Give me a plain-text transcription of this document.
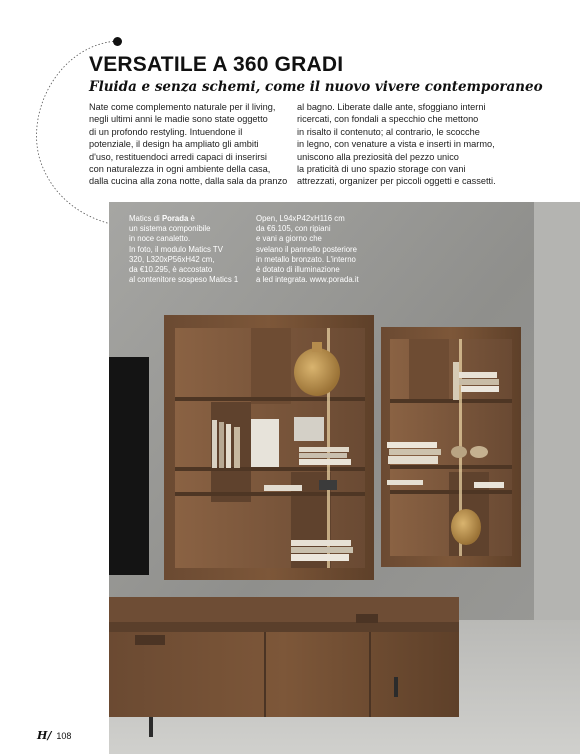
VERSATILE A 360 GRADI
Fluida e senza schemi, come il nuovo vivere contemporaneo

Nate come complemento naturale per il living,

negli ultimi anni le madie sono state oggetto

di un profondo restyling. Intuendone il

potenziale, il design ha ampliato gli ambiti

d'uso, restituendoci arredi capaci di inserirsi

con naturalezza in ogni ambiente della casa,

dalla cucina alla zona notte, dalla sala da pranzo

al bagno. Liberate dalle ante, sfoggiano interni

ricercati, con fondali a specchio che mettono

in risalto il contenuto; al contrario, le scocche

in legno, con venature a vista e inserti in marmo,

uniscono alla preziosità del pezzo unico

la praticità di uno spazio storage con vani

attrezzati, organizer per piccoli oggetti e cassetti.

Matics di Porada è

un sistema componibile

in noce canaletto.

In foto, il modulo Matics TV

320, L320xP56xH42 cm,

da €10.295, è accostato

al contenitore sospeso Matics 1

Open, L94xP42xH116 cm

da €6.105, con ripiani

e vani a giorno che

svelano il pannello posteriore

in metallo bronzato. L'interno

è dotato di illuminazione

a led integrata. www.porada.it

H/ 108
